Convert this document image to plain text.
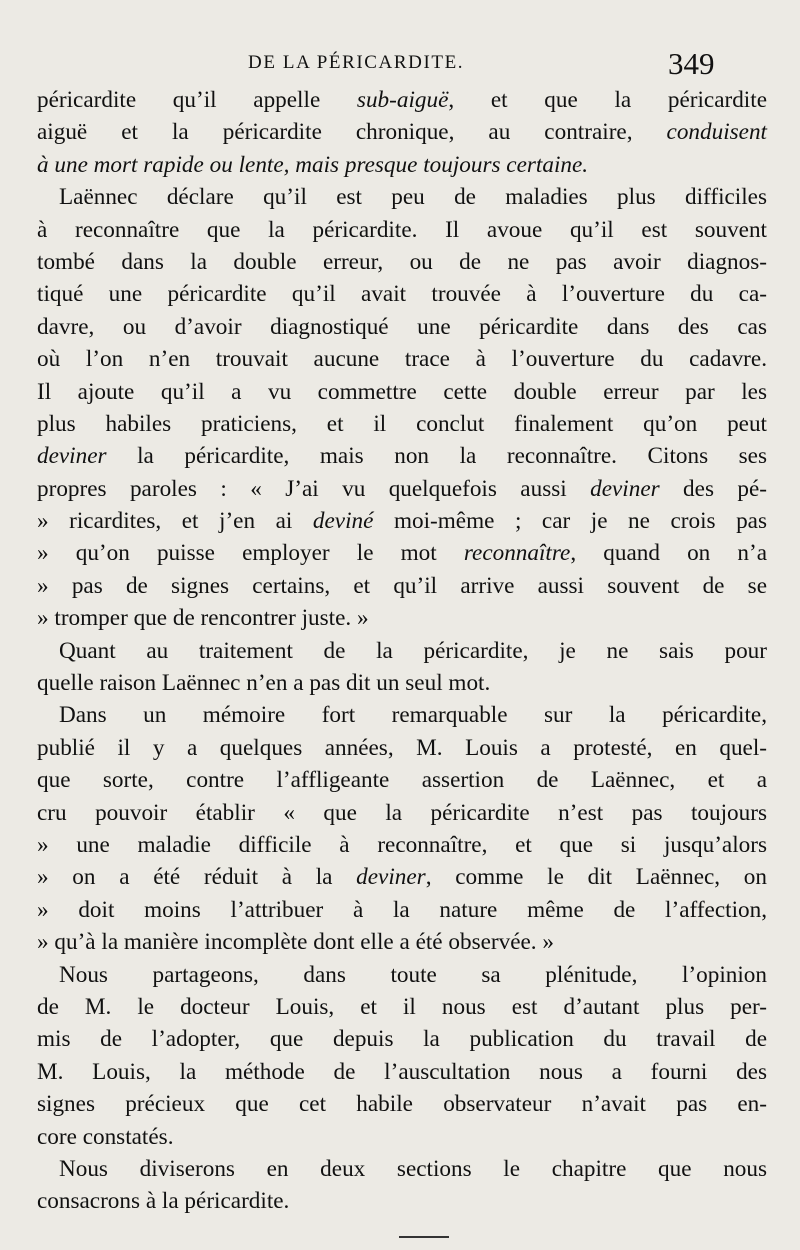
DE LA PÉRICARDITE.	349
péricardite qu’il appelle sub-aiguë, et que la péricardite
aiguë et la péricardite chronique, au contraire, conduisent
à une mort rapide ou lente, mais presque toujours certaine.
Laënnec déclare qu’il est peu de maladies plus difficiles
à reconnaître que la péricardite. Il avoue qu’il est souvent
tombé dans la double erreur, ou de ne pas avoir diagnos-
tiqué une péricardite qu’il avait trouvée à l’ouverture du ca-
davre, ou d’avoir diagnostiqué une péricardite dans des cas
où l’on n’en trouvait aucune trace à l’ouverture du cadavre.
Il ajoute qu’il a vu commettre cette double erreur par les
plus habiles praticiens, et il conclut finalement qu’on peut
deviner la péricardite, mais non la reconnaître. Citons ses
propres paroles : « J’ai vu quelquefois aussi deviner des pé-
» ricardites, et j’en ai deviné moi-même ; car je ne crois pas
» qu’on puisse employer le mot reconnaître, quand on n’a
» pas de signes certains, et qu’il arrive aussi souvent de se
» tromper que de rencontrer juste. »
Quant au traitement de la péricardite, je ne sais pour
quelle raison Laënnec n’en a pas dit un seul mot.
Dans un mémoire fort remarquable sur la péricardite,
publié il y a quelques années, M. Louis a protesté, en quel-
que sorte, contre l’affligeante assertion de Laënnec, et a
cru pouvoir établir « que la péricardite n’est pas toujours
» une maladie difficile à reconnaître, et que si jusqu’alors
» on a été réduit à la deviner, comme le dit Laënnec, on
» doit moins l’attribuer à la nature même de l’affection,
» qu’à la manière incomplète dont elle a été observée. »
Nous partageons, dans toute sa plénitude, l’opinion
de M. le docteur Louis, et il nous est d’autant plus per-
mis de l’adopter, que depuis la publication du travail de
M. Louis, la méthode de l’auscultation nous a fourni des
signes précieux que cet habile observateur n’avait pas en-
core constatés.
Nous diviserons en deux sections le chapitre que nous
consacrons à la péricardite.
